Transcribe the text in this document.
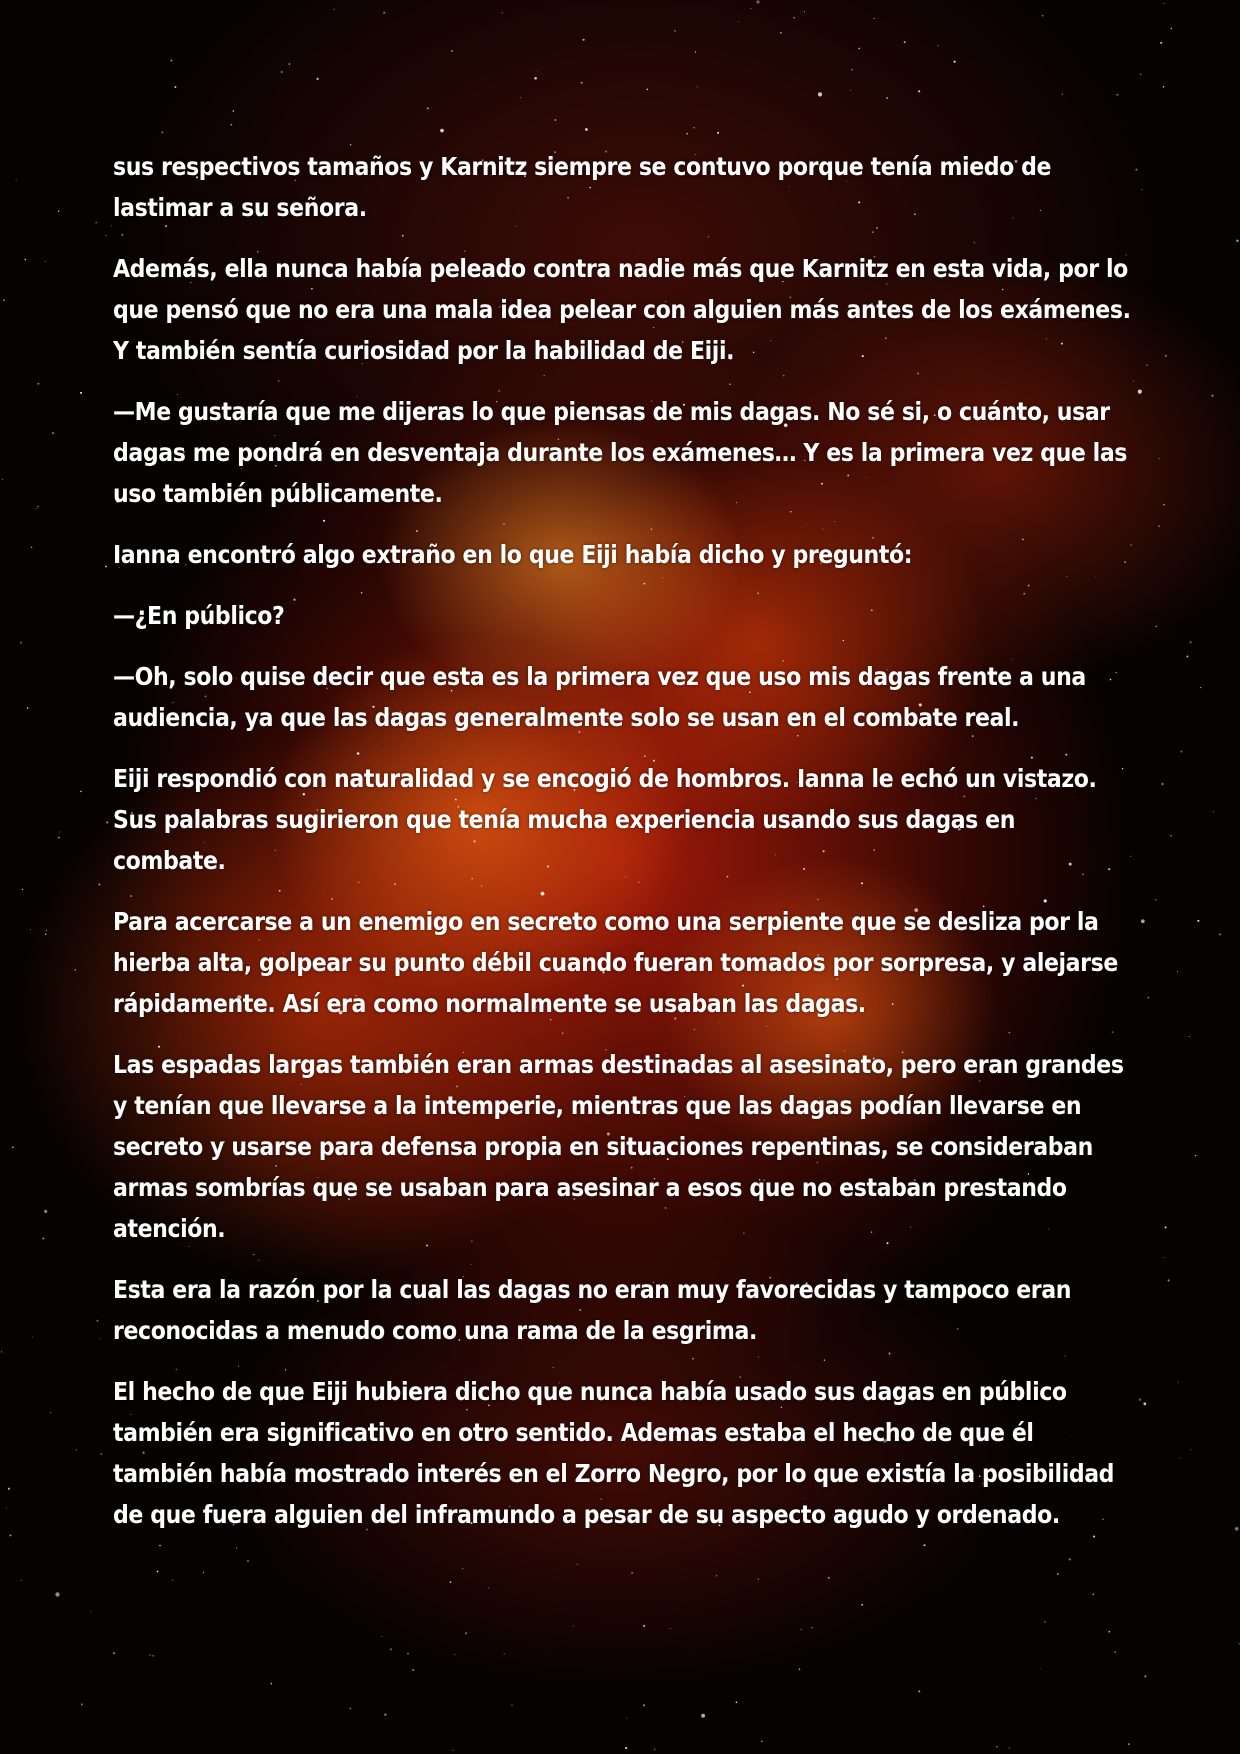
sus respectivos tamaños y Karnitz siempre se contuvo porque tenía miedo de lastimar a su señora.

Además, ella nunca había peleado contra nadie más que Karnitz en esta vida, por lo que pensó que no era una mala idea pelear con alguien más antes de los exámenes. Y también sentía curiosidad por la habilidad de Eiji.

—Me gustaría que me dijeras lo que piensas de mis dagas. No sé si, o cuánto, usar dagas me pondrá en desventaja durante los exámenes… Y es la primera vez que las uso también públicamente.

Ianna encontró algo extraño en lo que Eiji había dicho y preguntó:

—¿En público?

—Oh, solo quise decir que esta es la primera vez que uso mis dagas frente a una audiencia, ya que las dagas generalmente solo se usan en el combate real.

Eiji respondió con naturalidad y se encogió de hombros. Ianna le echó un vistazo. Sus palabras sugirieron que tenía mucha experiencia usando sus dagas en combate.

Para acercarse a un enemigo en secreto como una serpiente que se desliza por la hierba alta, golpear su punto débil cuando fueran tomados por sorpresa, y alejarse rápidamente. Así era como normalmente se usaban las dagas.

Las espadas largas también eran armas destinadas al asesinato, pero eran grandes y tenían que llevarse a la intemperie, mientras que las dagas podían llevarse en secreto y usarse para defensa propia en situaciones repentinas, se consideraban armas sombrías que se usaban para asesinar a esos que no estaban prestando atención.

Esta era la razón por la cual las dagas no eran muy favorecidas y tampoco eran reconocidas a menudo como una rama de la esgrima.

El hecho de que Eiji hubiera dicho que nunca había usado sus dagas en público también era significativo en otro sentido. Ademas estaba el hecho de que él también había mostrado interés en el Zorro Negro, por lo que existía la posibilidad de que fuera alguien del inframundo a pesar de su aspecto agudo y ordenado.
